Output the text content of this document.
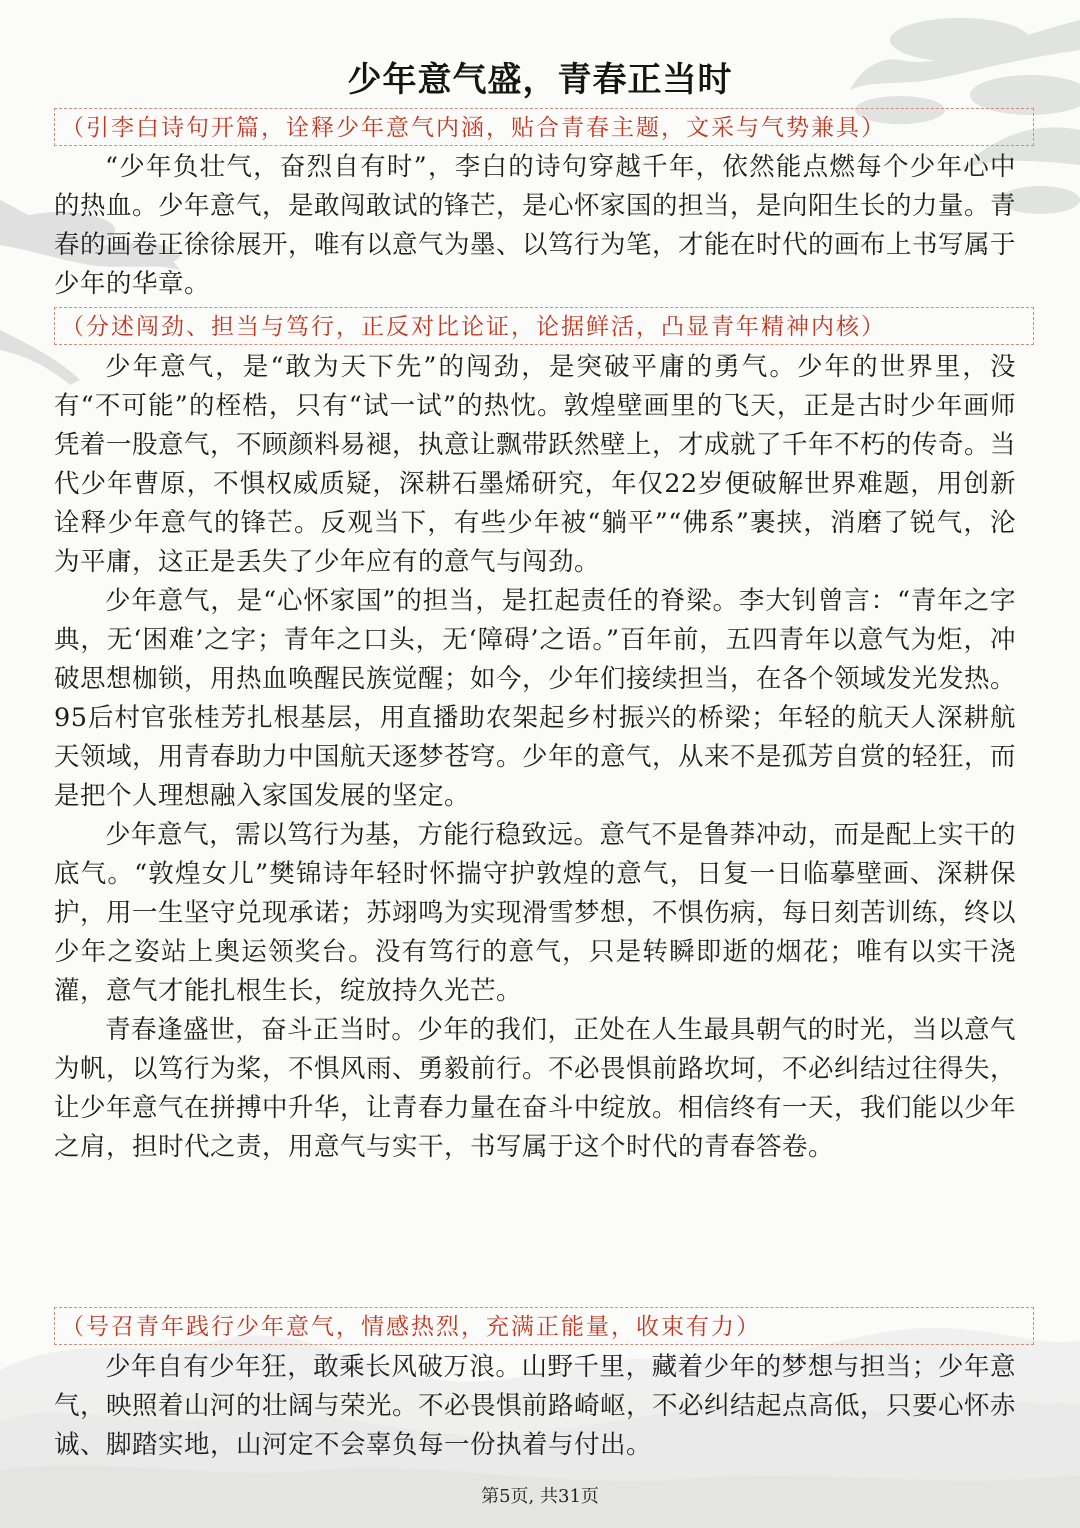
少年意气盛，青春正当时
（引李白诗句开篇，诠释少年意气内涵，贴合青春主题，文采与气势兼具）

“少年负壮气，奋烈自有时”，李白的诗句穿越千年，依然能点燃每个少年心中的热血。少年意气，是敢闯敢试的锋芒，是心怀家国的担当，是向阳生长的力量。青春的画卷正徐徐展开，唯有以意气为墨、以笃行为笔，才能在时代的画布上书写属于少年的华章。

（分述闯劲、担当与笃行，正反对比论证，论据鲜活，凸显青年精神内核）

少年意气，是“敢为天下先”的闯劲，是突破平庸的勇气。少年的世界里，没有“不可能”的桎梏，只有“试一试”的热忱。敦煌壁画里的飞天，正是古时少年画师凭着一股意气，不顾颜料易褪，执意让飘带跃然壁上，才成就了千年不朽的传奇。当代少年曹原，不惧权威质疑，深耕石墨烯研究，年仅22岁便破解世界难题，用创新诠释少年意气的锋芒。反观当下，有些少年被“躺平”“佛系”裹挟，消磨了锐气，沦为平庸，这正是丢失了少年应有的意气与闯劲。

少年意气，是“心怀家国”的担当，是扛起责任的脊梁。李大钊曾言：“青年之字典，无‘困难’之字；青年之口头，无‘障碍’之语。”百年前，五四青年以意气为炬，冲破思想枷锁，用热血唤醒民族觉醒；如今，少年们接续担当，在各个领域发光发热。95后村官张桂芳扎根基层，用直播助农架起乡村振兴的桥梁；年轻的航天人深耕航天领域，用青春助力中国航天逐梦苍穹。少年的意气，从来不是孤芳自赏的轻狂，而是把个人理想融入家国发展的坚定。

少年意气，需以笃行为基，方能行稳致远。意气不是鲁莽冲动，而是配上实干的底气。“敦煌女儿”樊锦诗年轻时怀揣守护敦煌的意气，日复一日临摹壁画、深耕保护，用一生坚守兑现承诺；苏翊鸣为实现滑雪梦想，不惧伤病，每日刻苦训练，终以少年之姿站上奥运领奖台。没有笃行的意气，只是转瞬即逝的烟花；唯有以实干浇灌，意气才能扎根生长，绽放持久光芒。

青春逢盛世，奋斗正当时。少年的我们，正处在人生最具朝气的时光，当以意气为帆，以笃行为桨，不惧风雨、勇毅前行。不必畏惧前路坎坷，不必纠结过往得失，让少年意气在拼搏中升华，让青春力量在奋斗中绽放。相信终有一天，我们能以少年之肩，担时代之责，用意气与实干，书写属于这个时代的青春答卷。

（号召青年践行少年意气，情感热烈，充满正能量，收束有力）

少年自有少年狂，敢乘长风破万浪。山野千里，藏着少年的梦想与担当；少年意气，映照着山河的壮阔与荣光。不必畏惧前路崎岖，不必纠结起点高低，只要心怀赤诚、脚踏实地，山河定不会辜负每一份执着与付出。

第5页, 共31页
